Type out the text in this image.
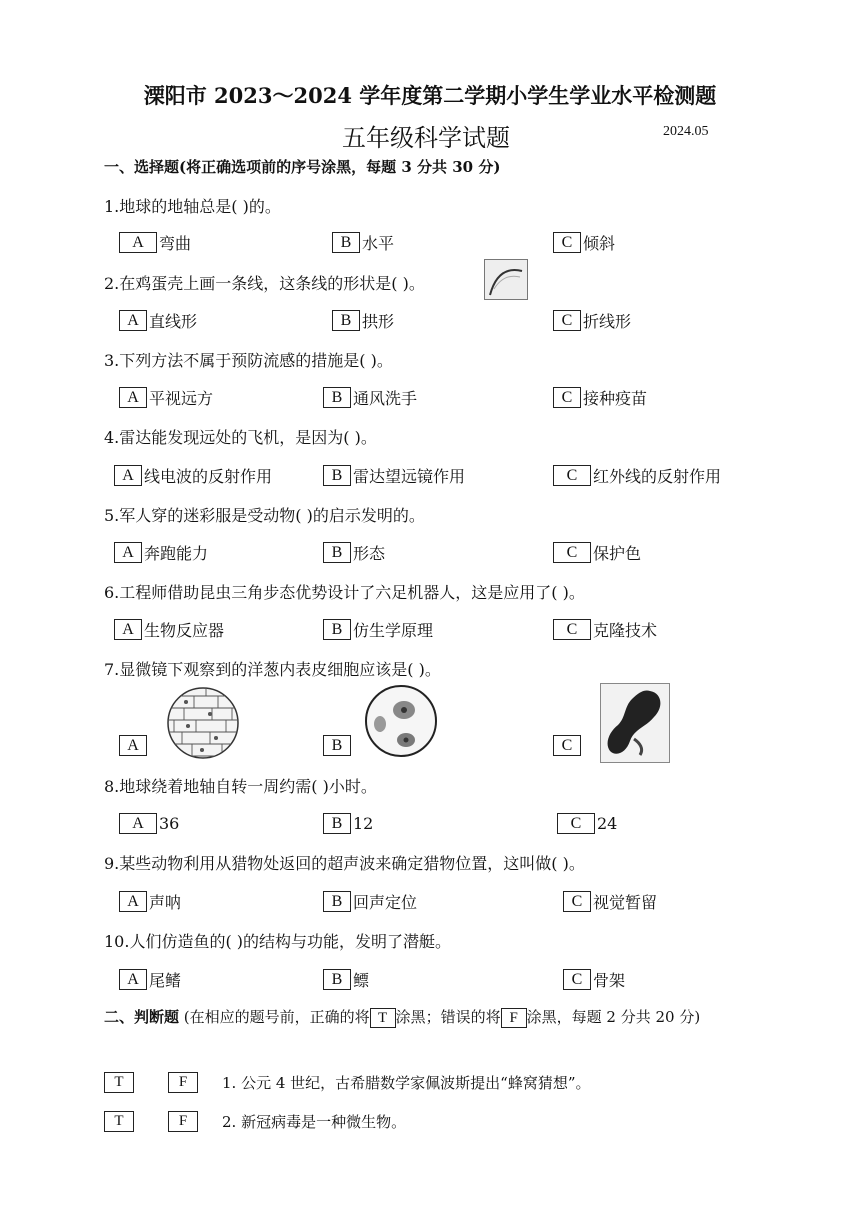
溧阳市 2023～2024 学年度第二学期小学生学业水平检测题
五年级科学试题	2024.05
一、选择题(将正确选项前的序号涂黑，每题 3 分共 30 分)
1.地球的地轴总是( )的。
A 弯曲	B 水平	C 倾斜
2.在鸡蛋壳上画一条线，这条线的形状是( )。
A 直线形	B 拱形	C 折线形
3.下列方法不属于预防流感的措施是( )。
A 平视远方	B 通风洗手	C 接种疫苗
4.雷达能发现远处的飞机，是因为( )。
A 线电波的反射作用	B 雷达望远镜作用	C 红外线的反射作用
5.军人穿的迷彩服是受动物( )的启示发明的。
A 奔跑能力	B 形态	C 保护色
6.工程师借助昆虫三角步态优势设计了六足机器人，这是应用了( )。
A 生物反应器	B 仿生学原理	C 克隆技术
7.显微镜下观察到的洋葱内表皮细胞应该是( )。
A	B	C
8.地球绕着地轴自转一周约需( )小时。
A 36	B 12	C 24
9.某些动物利用从猎物处返回的超声波来确定猎物位置，这叫做( )。
A 声呐	B 回声定位	C 视觉暂留
10.人们仿造鱼的( )的结构与功能，发明了潜艇。
A 尾鳍	B 鳔	C 骨架
二、判断题 (在相应的题号前，正确的将 T 涂黑；错误的将 F 涂黑，每题 2 分共 20 分)
T	F	1. 公元 4 世纪，古希腊数学家佩波斯提出“蜂窝猜想”。
T	F	2. 新冠病毒是一种微生物。
